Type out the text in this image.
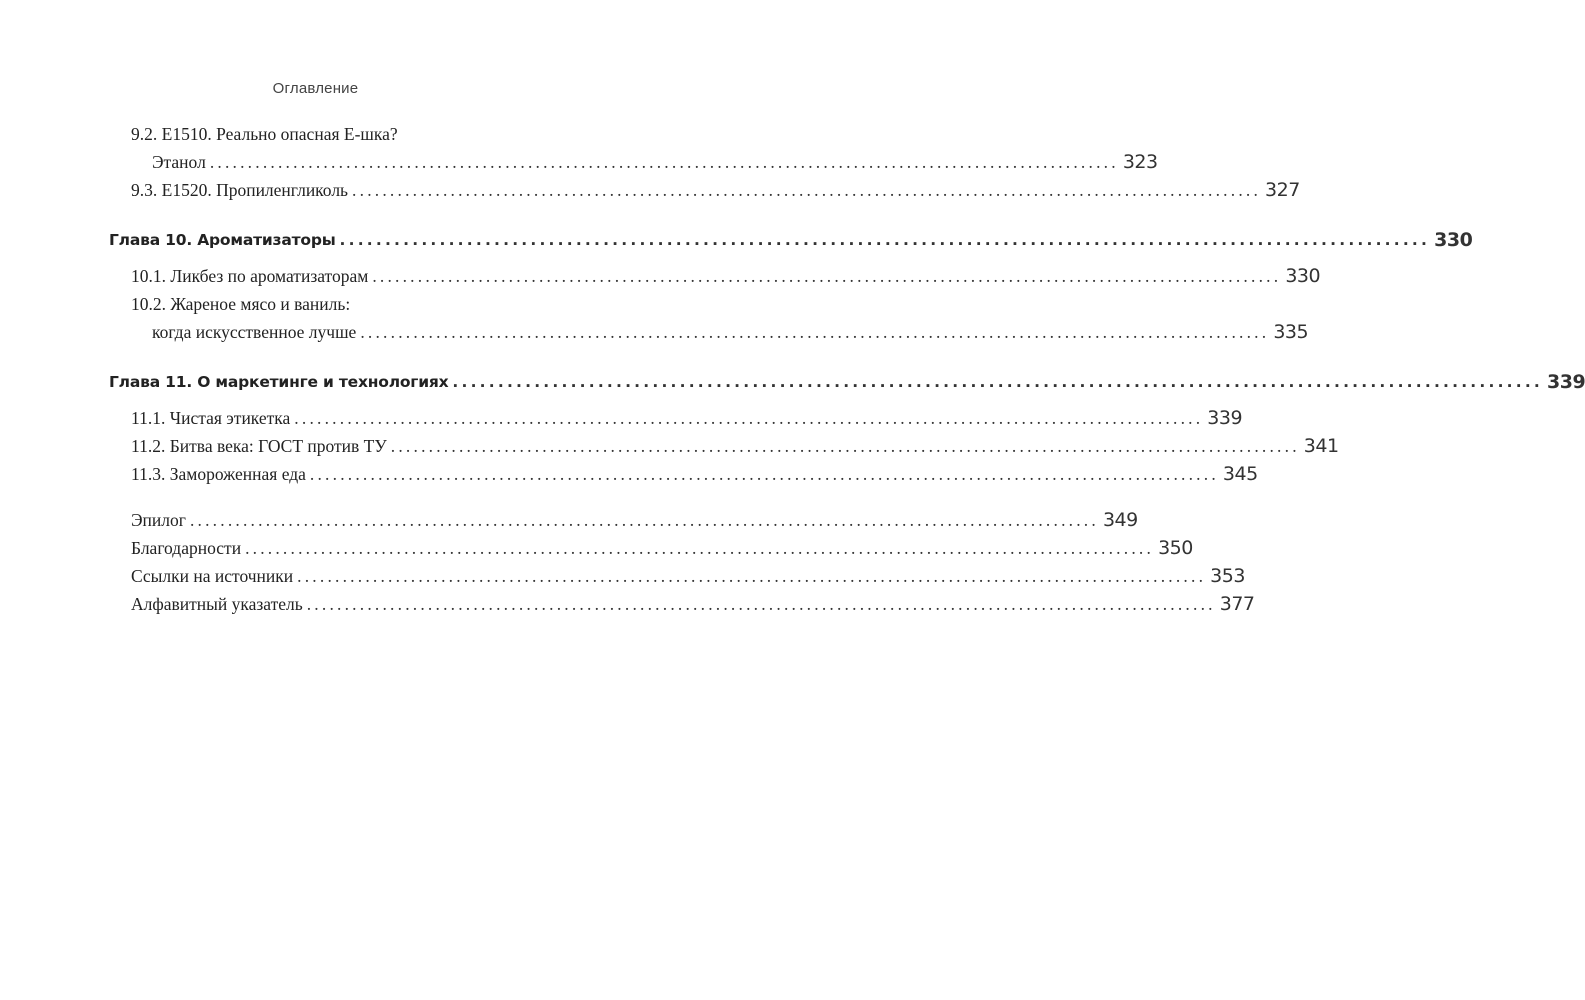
Оглавление
9.2. E1510. Реально опасная Е-шка?
Этанол ........................................................................................................................ 323
9.3. E1520. Пропиленгликоль ........................................................................................................................ 327
Глава 10. Ароматизаторы ........................................................................................................................ 330
10.1. Ликбез по ароматизаторам ........................................................................................................................ 330
10.2. Жареное мясо и ваниль:
когда искусственное лучше ........................................................................................................................ 335
Глава 11. О маркетинге и технологиях ........................................................................................................................ 339
11.1. Чистая этикетка ........................................................................................................................ 339
11.2. Битва века: ГОСТ против ТУ ........................................................................................................................ 341
11.3. Замороженная еда ........................................................................................................................ 345
Эпилог ........................................................................................................................ 349
Благодарности ........................................................................................................................ 350
Ссылки на источники ........................................................................................................................ 353
Алфавитный указатель ........................................................................................................................ 377
